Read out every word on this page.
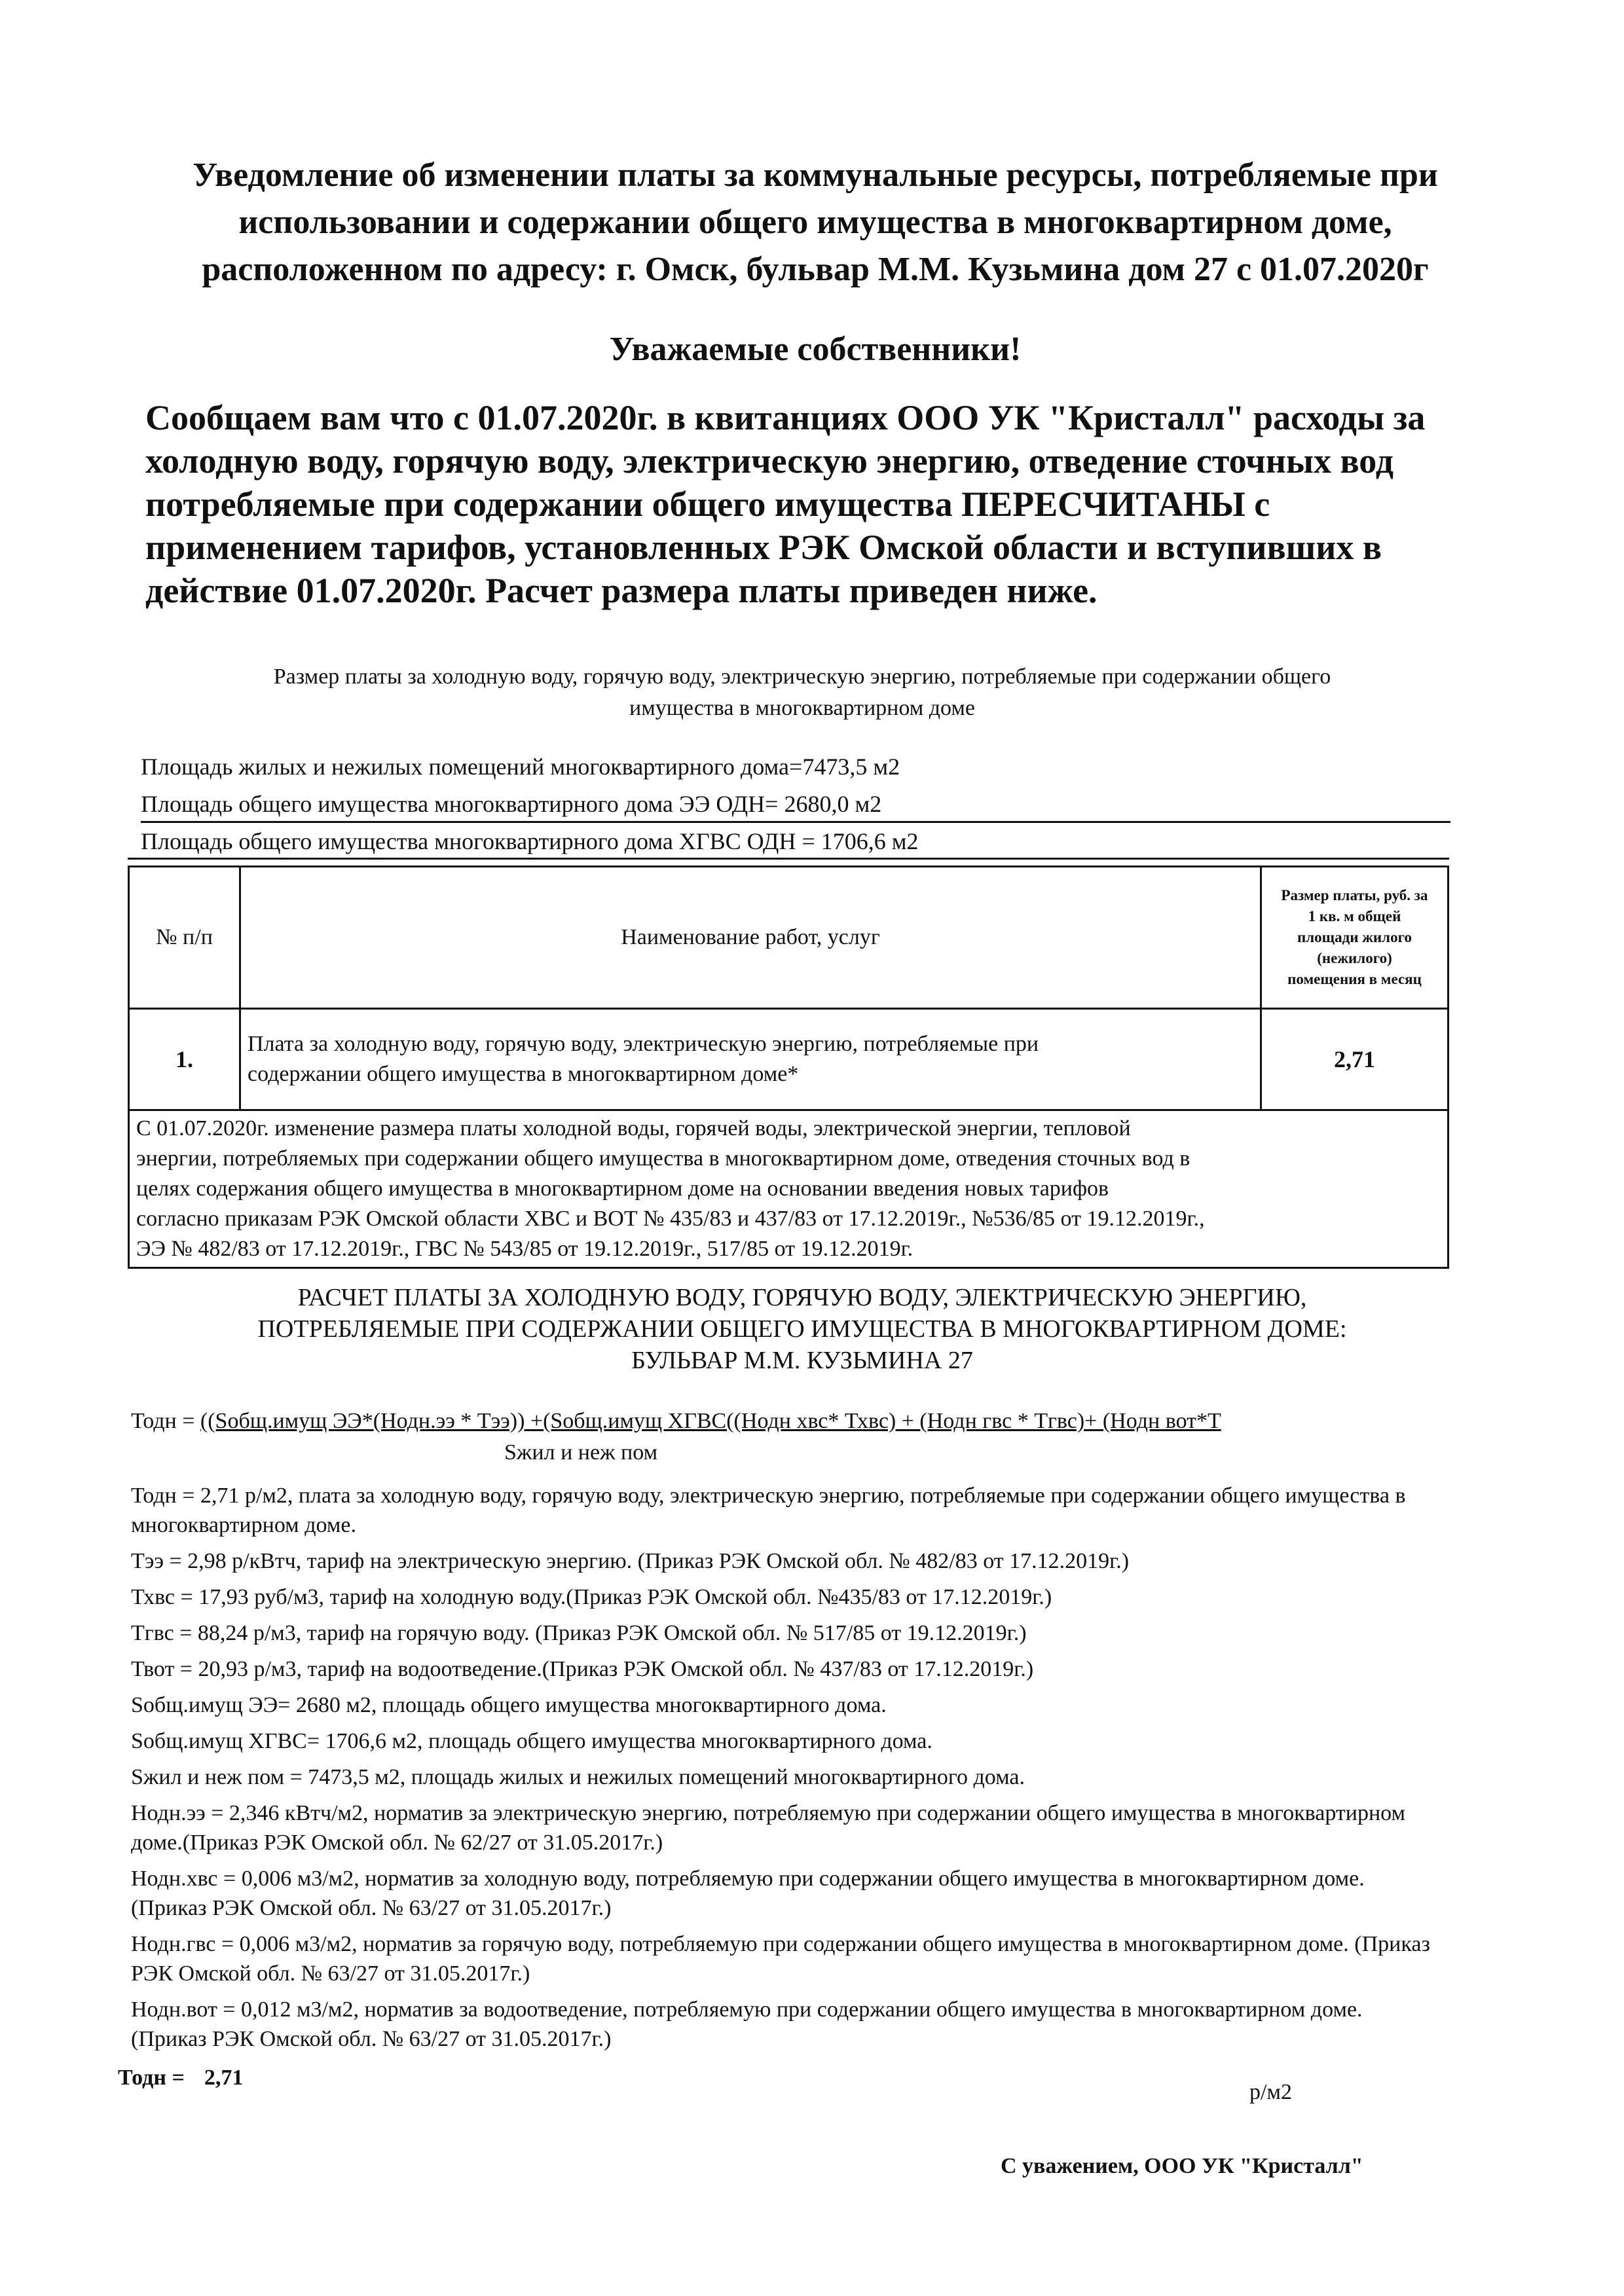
Уведомление об изменении платы за коммунальные ресурсы, потребляемые при
использовании и содержании общего имущества в многоквартирном доме,
расположенном по адресу: г. Омск, бульвар М.М. Кузьмина дом 27 с 01.07.2020г
Уважаемые собственники!
Сообщаем вам что с 01.07.2020г. в квитанциях ООО УК "Кристалл" расходы за
холодную воду, горячую воду, электрическую энергию, отведение сточных вод
потребляемые при содержании общего имущества ПЕРЕСЧИТАНЫ с
применением тарифов, установленных РЭК Омской области и вступивших в
действие 01.07.2020г. Расчет размера платы приведен ниже.
Размер платы за холодную воду, горячую воду, электрическую энергию, потребляемые при содержании общего
имущества в многоквартирном доме
Площадь жилых и нежилых помещений многоквартирного дома=7473,5 м2
Площадь общего имущества многоквартирного дома ЭЭ ОДН= 2680,0 м2
Площадь общего имущества многоквартирного дома ХГВС ОДН = 1706,6 м2
№ п/п	Наименование работ, услуг	Размер платы, руб. за
1 кв. м общей
площади жилого
(нежилого)
помещения в месяц

1.	Плата за холодную воду, горячую воду, электрическую энергию, потребляемые при
содержании общего имущества в многоквартирном доме*	2,71

С 01.07.2020г. изменение размера платы холодной воды, горячей воды, электрической энергии, тепловой
энергии, потребляемых при содержании общего имущества в многоквартирном доме, отведения сточных вод в
целях содержания общего имущества в многоквартирном доме на основании введения новых тарифов
согласно приказам РЭК Омской области ХВС и ВОТ № 435/83 и 437/83 от 17.12.2019г., №536/85 от 19.12.2019г.,
ЭЭ № 482/83 от 17.12.2019г., ГВС № 543/85 от 19.12.2019г., 517/85 от 19.12.2019г.		
РАСЧЕТ ПЛАТЫ ЗА ХОЛОДНУЮ ВОДУ, ГОРЯЧУЮ ВОДУ, ЭЛЕКТРИЧЕСКУЮ ЭНЕРГИЮ,
ПОТРЕБЛЯЕМЫЕ ПРИ СОДЕРЖАНИИ ОБЩЕГО ИМУЩЕСТВА В МНОГОКВАРТИРНОМ ДОМЕ:
БУЛЬВАР М.М. КУЗЬМИНА 27
Тодн = ((Sобщ.имущ ЭЭ*(Нодн.ээ * Тээ)) +(Sобщ.имущ ХГВС((Нодн хвс* Тхвс) + (Нодн гвс * Тгвс)+ (Нодн вот*Т
Sжил и неж пом

Тодн = 2,71 р/м2, плата за холодную воду, горячую воду, электрическую энергию, потребляемые при содержании общего имущества в многоквартирном доме.

Тээ = 2,98 р/кВтч, тариф на электрическую энергию. (Приказ РЭК Омской обл. № 482/83 от 17.12.2019г.)

Тхвс = 17,93 руб/м3, тариф на холодную воду.(Приказ РЭК Омской обл. №435/83 от 17.12.2019г.)

Тгвс = 88,24 р/м3, тариф на горячую воду. (Приказ РЭК Омской обл. № 517/85 от 19.12.2019г.)

Твот = 20,93 р/м3, тариф на водоотведение.(Приказ РЭК Омской обл. № 437/83 от 17.12.2019г.)

Sобщ.имущ ЭЭ= 2680 м2, площадь общего имущества многоквартирного дома.

Sобщ.имущ ХГВС= 1706,6 м2, площадь общего имущества многоквартирного дома.

Sжил и неж пом = 7473,5 м2, площадь жилых и нежилых помещений многоквартирного дома.

Нодн.ээ = 2,346 кВтч/м2, норматив за электрическую энергию, потребляемую при содержании общего имущества в многоквартирном доме.(Приказ РЭК Омской обл. № 62/27 от 31.05.2017г.)

Нодн.хвс = 0,006 м3/м2, норматив за холодную воду, потребляемую при содержании общего имущества в многоквартирном доме. (Приказ РЭК Омской обл. № 63/27 от 31.05.2017г.)

Нодн.гвс = 0,006 м3/м2, норматив за горячую воду, потребляемую при содержании общего имущества в многоквартирном доме. (Приказ РЭК Омской обл. № 63/27 от 31.05.2017г.)

Нодн.вот = 0,012 м3/м2, норматив за водоотведение, потребляемую при содержании общего имущества в многоквартирном доме. (Приказ РЭК Омской обл. № 63/27 от 31.05.2017г.)

Тодн = 2,71
р/м2
С уважением, ООО УК "Кристалл"
